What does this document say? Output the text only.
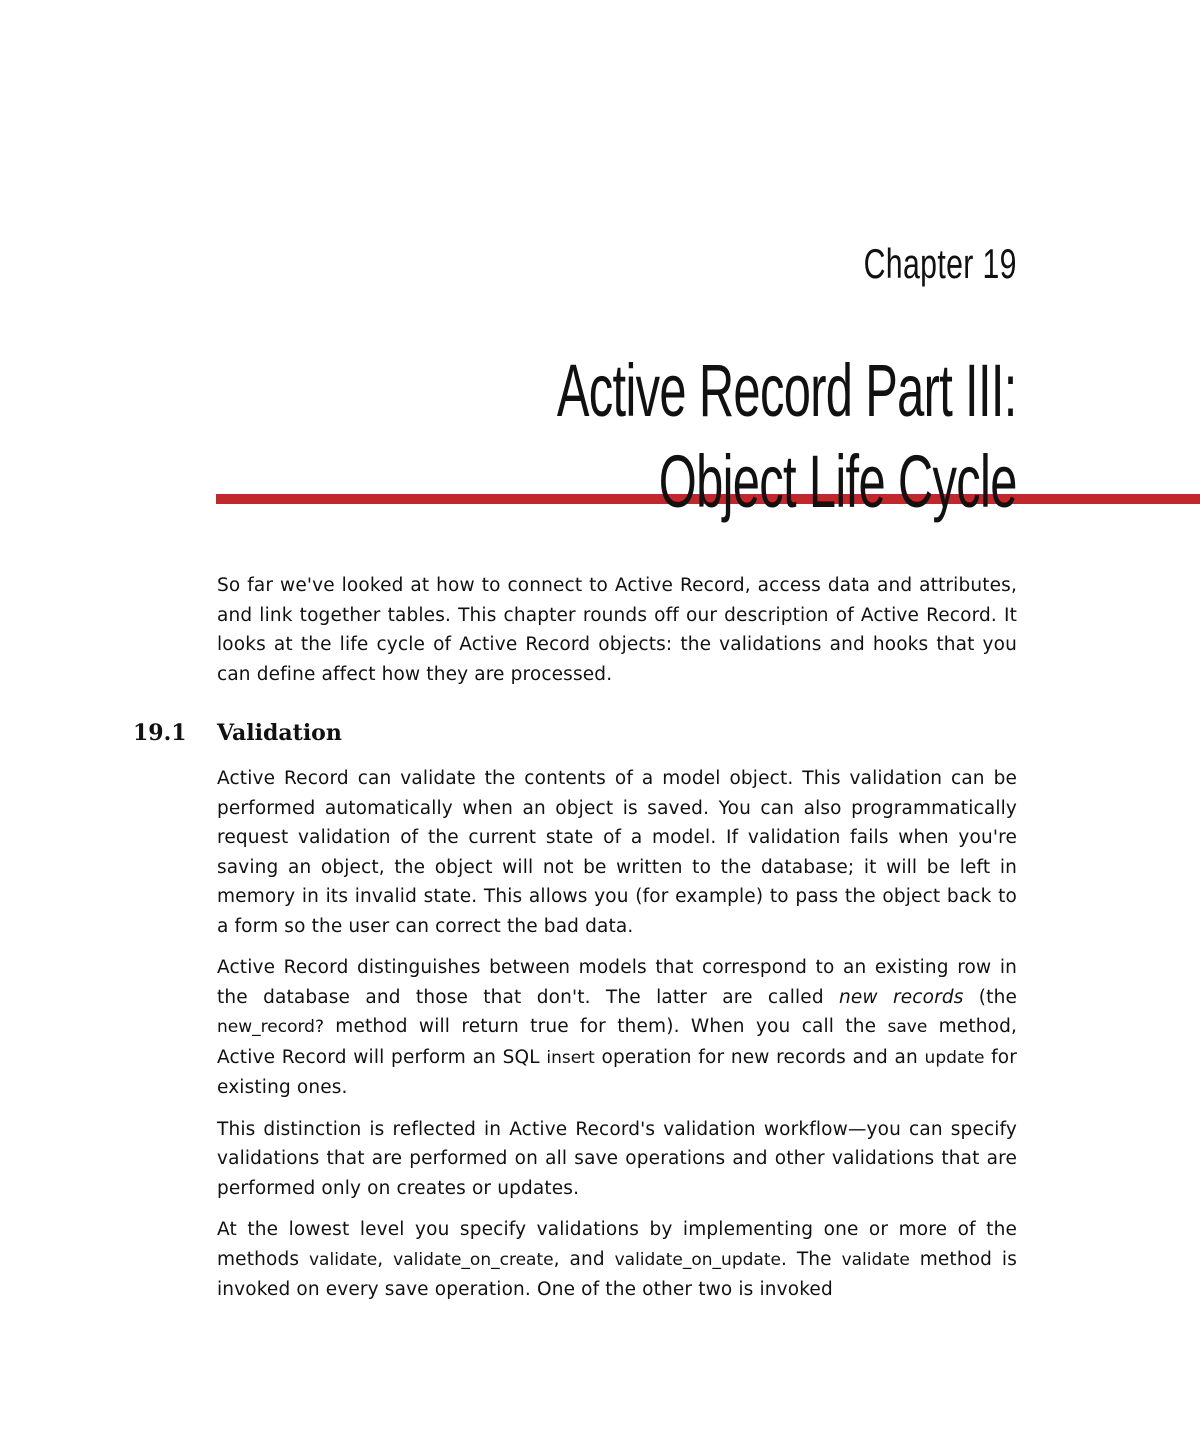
Chapter 19
Active Record Part III:
Object Life Cycle
So far we've looked at how to connect to Active Record, access data and attributes, and link together tables. This chapter rounds off our description of Active Record. It looks at the life cycle of Active Record objects: the validations and hooks that you can define affect how they are processed.
19.1 Validation

Active Record can validate the contents of a model object. This validation can be performed automatically when an object is saved. You can also programmatically request validation of the current state of a model. If validation fails when you're saving an object, the object will not be written to the database; it will be left in memory in its invalid state. This allows you (for example) to pass the object back to a form so the user can correct the bad data.

Active Record distinguishes between models that correspond to an existing row in the database and those that don't. The latter are called new records (the new_record? method will return true for them). When you call the save method, Active Record will perform an SQL insert operation for new records and an update for existing ones.

This distinction is reflected in Active Record's validation workflow—you can specify validations that are performed on all save operations and other validations that are performed only on creates or updates.

At the lowest level you specify validations by implementing one or more of the methods validate, validate_on_create, and validate_on_update. The validate method is invoked on every save operation. One of the other two is invoked
